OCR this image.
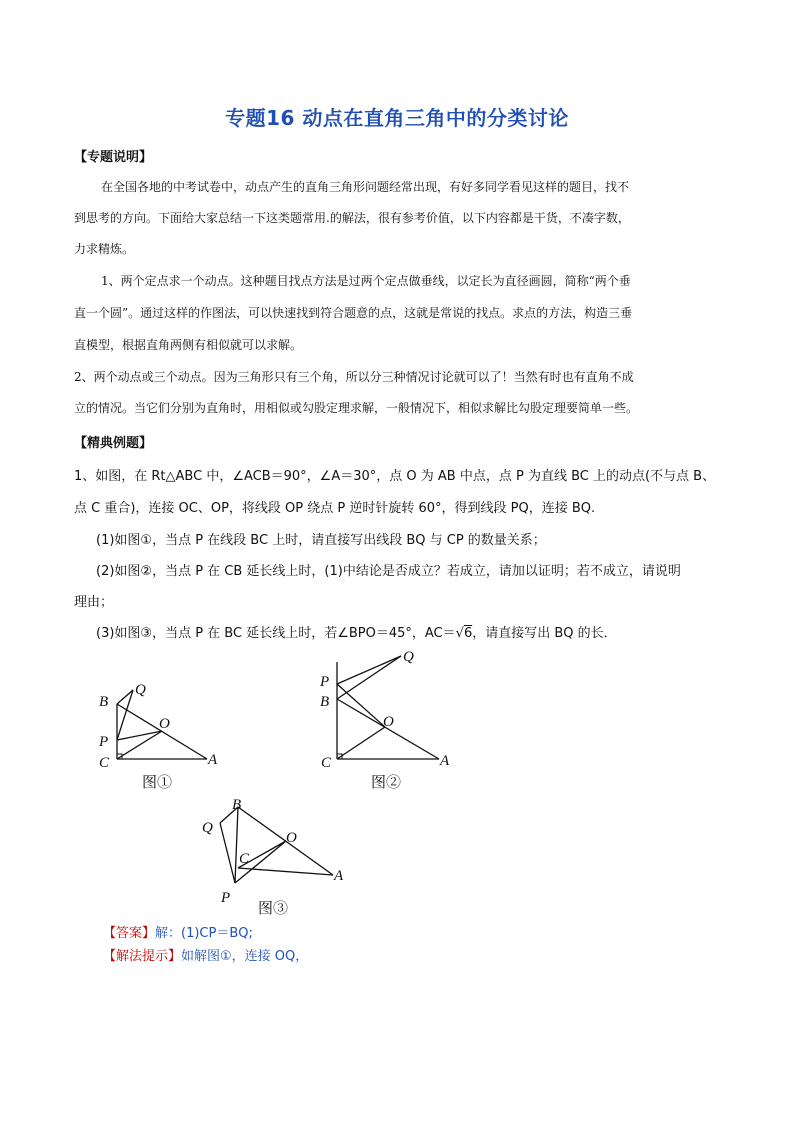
专题16 动点在直角三角中的分类讨论
【专题说明】
在全国各地的中考试卷中，动点产生的直角三角形问题经常出现，有好多同学看见这样的题目，找不
到思考的方向。下面给大家总结一下这类题常用.的解法，很有参考价值，以下内容都是干货，不凑字数，
力求精炼。
1、两个定点求一个动点。这种题目找点方法是过两个定点做垂线，以定长为直径画圆，简称“两个垂
直一个圆”。通过这样的作图法，可以快速找到符合题意的点，这就是常说的找点。求点的方法，构造三垂
直模型，根据直角两侧有相似就可以求解。
2、两个动点或三个动点。因为三角形只有三个角，所以分三种情况讨论就可以了！当然有时也有直角不成
立的情况。当它们分别为直角时，用相似或勾股定理求解，一般情况下，相似求解比勾股定理要简单一些。
【精典例题】
1、如图，在 Rt△ABC 中，∠ACB＝90°，∠A＝30°，点 O 为 AB 中点，点 P 为直线 BC 上的动点(不与点 B、
点 C 重合)，连接 OC、OP，将线段 OP 绕点 P 逆时针旋转 60°，得到线段 PQ，连接 BQ.
(1)如图①，当点 P 在线段 BC 上时，请直接写出线段 BQ 与 CP 的数量关系；
(2)如图②，当点 P 在 CB 延长线上时，(1)中结论是否成立？若成立，请加以证明；若不成立，请说明
理由；
(3)如图③，当点 P 在 BC 延长线上时，若∠BPO＝45°，AC＝√6，请直接写出 BQ 的长．
B
Q
O
P
C	A
图①
Q
P
B
O
C	A
图②
B
Q
O
C
A
P
图③
【答案】解：(1)CP＝BQ;
【解法提示】如解图①，连接 OQ，
